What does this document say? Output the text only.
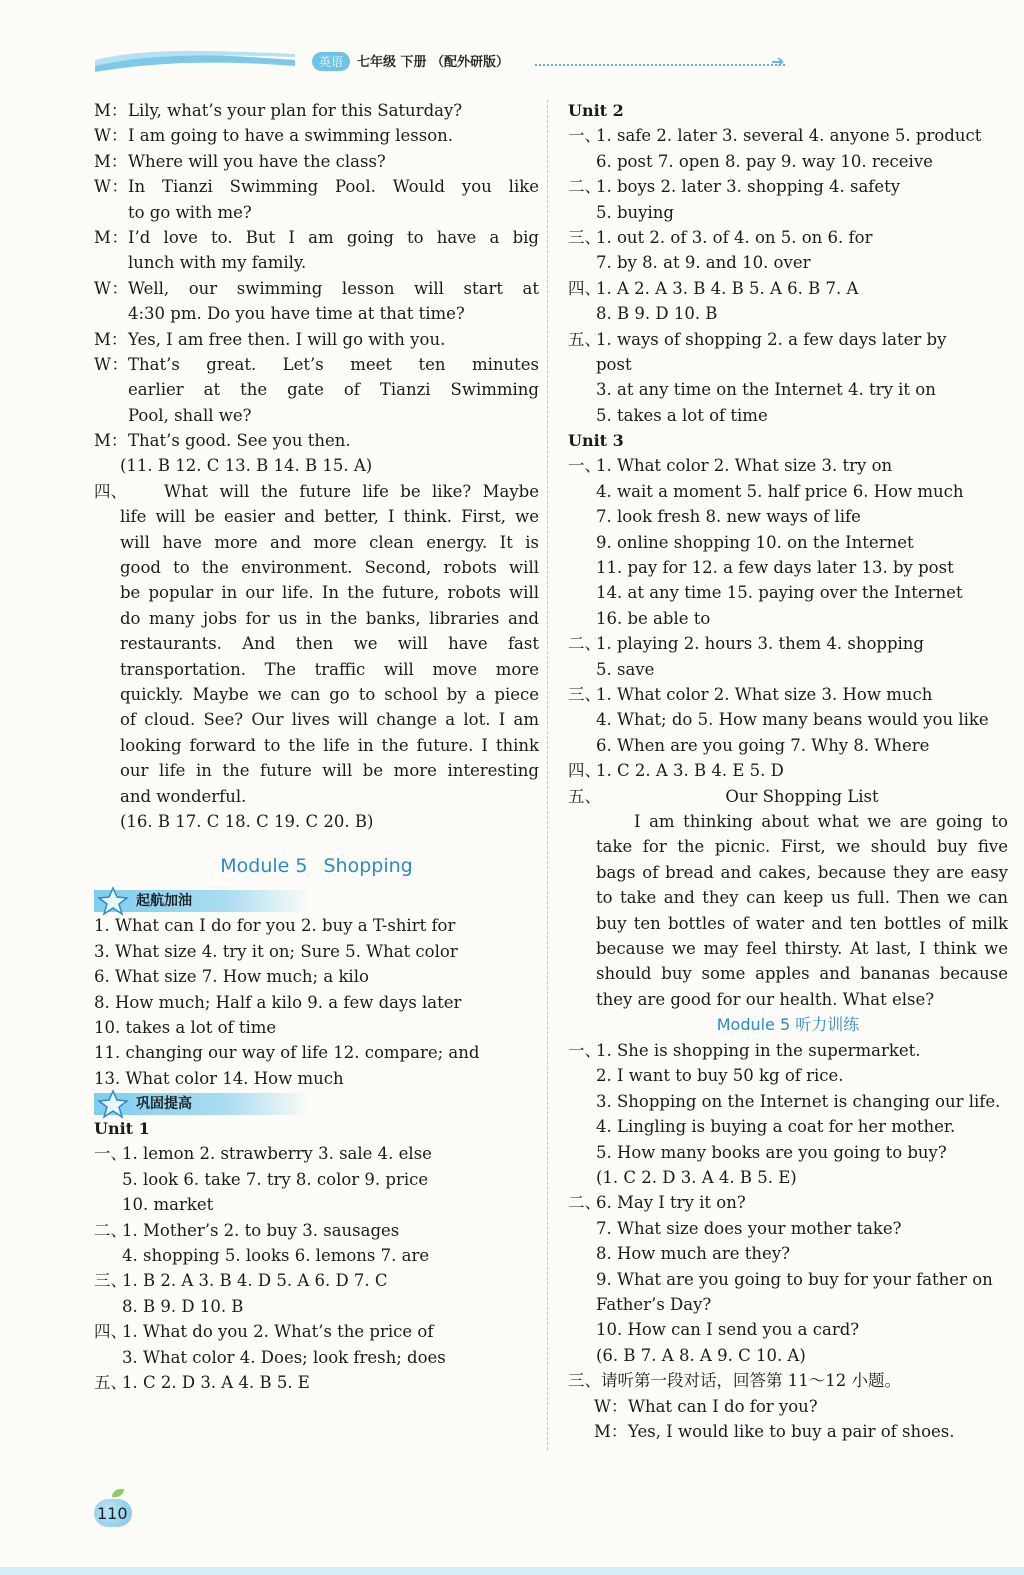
英语	七年级 下册 （配外研版）	➔
M：Lily, what’s your plan for this Saturday?
W：I am going to have a swimming lesson.
M：Where will you have the class?
W：In Tianzi Swimming Pool. Would you like
to go with me?
M：I’d love to. But I am going to have a big
lunch with my family.
W：Well, our swimming lesson will start at
4:30 pm. Do you have time at that time?
M：Yes, I am free then. I will go with you.
W：That’s great. Let’s meet ten minutes
earlier at the gate of Tianzi Swimming
Pool, shall we?
M：That’s good. See you then.
(11. B 12. C 13. B 14. B 15. A)
四、 What will the future life be like? Maybe
life will be easier and better, I think. First, we
will have more and more clean energy. It is
good to the environment. Second, robots will
be popular in our life. In the future, robots will
do many jobs for us in the banks, libraries and
restaurants. And then we will have fast
transportation. The traffic will move more
quickly. Maybe we can go to school by a piece
of cloud. See? Our lives will change a lot. I am
looking forward to the life in the future. I think
our life in the future will be more interesting
and wonderful.
(16. B 17. C 18. C 19. C 20. B)
Module 5 Shopping
起航加油
1. What can I do for you 2. buy a T-shirt for
3. What size 4. try it on; Sure 5. What color
6. What size 7. How much; a kilo
8. How much; Half a kilo 9. a few days later
10. takes a lot of time
11. changing our way of life 12. compare; and
13. What color 14. How much
巩固提高
Unit 1
一、1. lemon 2. strawberry 3. sale 4. else
5. look 6. take 7. try 8. color 9. price
10. market
二、1. Mother’s 2. to buy 3. sausages
4. shopping 5. looks 6. lemons 7. are
三、1. B 2. A 3. B 4. D 5. A 6. D 7. C
8. B 9. D 10. B
四、1. What do you 2. What’s the price of
3. What color 4. Does; look fresh; does
五、1. C 2. D 3. A 4. B 5. E
Unit 2
一、1. safe 2. later 3. several 4. anyone 5. product
6. post 7. open 8. pay 9. way 10. receive
二、1. boys 2. later 3. shopping 4. safety
5. buying
三、1. out 2. of 3. of 4. on 5. on 6. for
7. by 8. at 9. and 10. over
四、1. A 2. A 3. B 4. B 5. A 6. B 7. A
8. B 9. D 10. B
五、1. ways of shopping 2. a few days later by
post
3. at any time on the Internet 4. try it on
5. takes a lot of time
Unit 3
一、1. What color 2. What size 3. try on
4. wait a moment 5. half price 6. How much
7. look fresh 8. new ways of life
9. online shopping 10. on the Internet
11. pay for 12. a few days later 13. by post
14. at any time 15. paying over the Internet
16. be able to
二、1. playing 2. hours 3. them 4. shopping
5. save
三、1. What color 2. What size 3. How much
4. What; do 5. How many beans would you like
6. When are you going 7. Why 8. Where
四、1. C 2. A 3. B 4. E 5. D
五、	Our Shopping List
I am thinking about what we are going to
take for the picnic. First, we should buy five
bags of bread and cakes, because they are easy
to take and they can keep us full. Then we can
buy ten bottles of water and ten bottles of milk
because we may feel thirsty. At last, I think we
should buy some apples and bananas because
they are good for our health. What else?
Module 5 听力训练
一、1. She is shopping in the supermarket.
2. I want to buy 50 kg of rice.
3. Shopping on the Internet is changing our life.
4. Lingling is buying a coat for her mother.
5. How many books are you going to buy?
(1. C 2. D 3. A 4. B 5. E)
二、6. May I try it on?
7. What size does your mother take?
8. How much are they?
9. What are you going to buy for your father on
Father’s Day?
10. How can I send you a card?
(6. B 7. A 8. A 9. C 10. A)
三、请听第一段对话，回答第 11～12 小题。
W：What can I do for you?
M：Yes, I would like to buy a pair of shoes.
110
